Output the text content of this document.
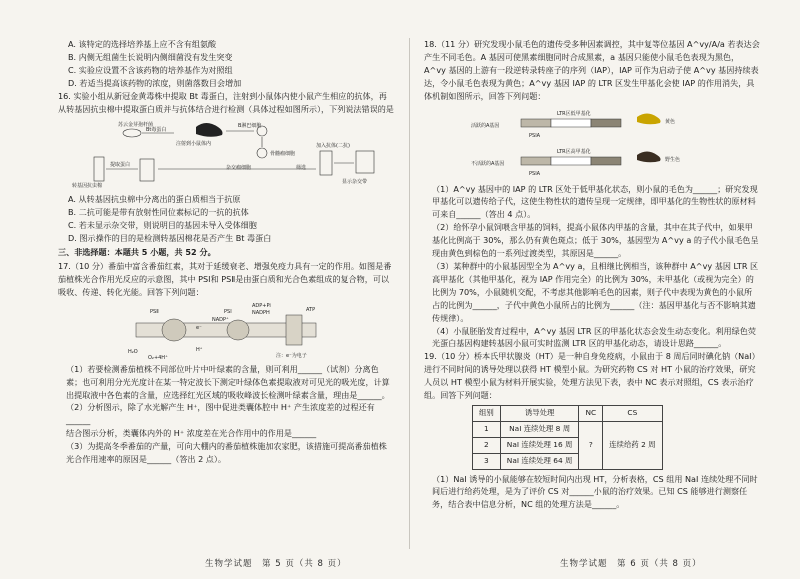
A. 该特定的选择培养基上应不含有组氨酸

B. 内侧无组菌生长说明内侧细菌没有发生突变

C. 实验应设置不含该药物的培养基作为对照组

D. 若适当提高该药物的浓度，则菌落数目会增加

16. 实验小组从新冠金黄毒株中提取 Bt 毒蛋白，注射到小鼠体内使小鼠产生相应的抗体，再从转基因抗虫棉中提取蛋白质并与抗体结合进行检测（具体过程如图所示），下列说法错误的是

苏云金芽孢杆菌
Bt毒蛋白
注射到小鼠体内
B淋巴细胞
骨髓瘤细胞
杂交瘤细胞	筛选
转基因抗虫棉
提取蛋白
加入抗体(二抗)
显示杂交带

A. 从转基因抗虫棉中分离出的蛋白质相当于抗原

B. 二抗可能是带有放射性同位素标记的一抗的抗体

C. 若未显示杂交带，则说明目的基因未导入受体细胞

D. 图示操作的目的是检测转基因棉花是否产生 Bt 毒蛋白

三、非选择题：本题共 5 小题，共 52 分。

17.（10 分）番茄中富含番茄红素，其对于延缓衰老、增强免疫力具有一定的作用。如图是番茄植株光合作用光反应的示意图，其中 PSⅠ和 PSⅡ是由蛋白质和光合色素组成的复合物，可以吸收、传递、转化光能。回答下列问题：

PSⅡ	PSⅠ
H₂O
O₂+4H⁺
ADP+Pi
NADPH	ATP
NADP⁺
H⁺
e⁻
注：e⁻为电子

（1）若要检测番茄植株不同部位叶片中叶绿素的含量，则可利用______（试剂）分离色素；也可利用分光光度计在某一特定波长下测定叶绿体色素提取液对可见光的吸光度，计算出提取液中各色素的含量，应选择红光区域的吸收峰波长检测叶绿素含量，理由是______。

（2）分析图示，除了水光解产生 H⁺，图中促进类囊体腔中 H⁺ 产生浓度差的过程还有______

结合图示分析，类囊体内外的 H⁺ 浓度差在光合作用中的作用是______

（3）为提高冬季番茄的产量，可向大棚内的番茄植株施加农家肥，该措施可提高番茄植株光合作用速率的原因是______（答出 2 点）。

18.（11 分）研究发现小鼠毛色的遗传受多种因素调控，其中复等位基因 A^vy/A/a 若表达会产生不同毛色。A 基因可使黑素细胞同时合成黑素，a 基因只能使小鼠毛色表现为黑色，A^vy 基因的上游有一段逆转录转座子的序列（IAP），IAP 可作为启动子使 A^vy 基因持续表达，令小鼠毛色表现为黄色；A^vy 基因 IAP 的 LTR 区发生甲基化会使 IAP 的作用消失，具体机制如图所示，回答下列问题：

活跃的A基因
LTR区低甲基化
PSIA
黄色
不活跃的A基因
LTR区高甲基化
PSIA
野生色

（1）A^vy 基因中的 IAP 的 LTR 区处于低甲基化状态，则小鼠的毛色为______；研究发现甲基化可以遗传给子代，这使生物性状的遗传呈现一定规律，即甲基化的生物性状的原材料可来自______（答出 4 点）。

（2）给怀孕小鼠饲喂含甲基的饲料，提高小鼠体内甲基的含量，其中在其子代中，如果甲基化比例高于 30%，那么仍有黄色斑点；低于 30%，基因型为 A^vy a 的子代小鼠毛色呈现由黄色到棕色的一系列过渡类型，其原因是______。

（3）某种群中的小鼠基因型全为 A^vy a，且相继比例相当，该种群中 A^vy 基因 LTR 区高甲基化（其他甲基化，视为 IAP 作用完全）的比例为 30%，未甲基化（或视为完全）的比例为 70%，小鼠随机交配，不考虑其他影响毛色的因素，则子代中表现为黄色的小鼠所占的比例为______，子代中黄色小鼠所占的比例为______（注：基因甲基化与否不影响其遗传规律）。

（4）小鼠胚胎发育过程中，A^vy 基因 LTR 区的甲基化状态会发生动态变化。利用绿色荧光蛋白基因构建转基因小鼠可实时监测 LTR 区的甲基化动态，请设计思路______。

19.（10 分）桥本氏甲状腺炎（HT）是一种自身免疫病，小鼠由于 8 周后同时碘化钠（NaI）进行不同时间的诱导处理以获得 HT 模型小鼠。为研究药物 CS 对 HT 小鼠的治疗效果，研究人员以 HT 模型小鼠为材料开展实验，处理方法见下表，表中 NC 表示对照组，CS 表示治疗组。回答下列问题：

组别	诱导处理	NC	CS
1	NaI 连续处理 8 周	?	连续给药 2 周
2	NaI 连续处理 16 周		
3	NaI 连续处理 64 周		

（1）NaI 诱导的小鼠能够在较短时间内出现 HT，分析表格，CS 组用 NaI 连续处理不同时间后进行给药处理，是为了评价 CS 对______小鼠的治疗效果。已知 CS 能够进行测察任务，结合表中信息分析，NC 组的处理方法是______。

生物学试题　第 5 页（共 8 页）	生物学试题　第 6 页（共 8 页）
